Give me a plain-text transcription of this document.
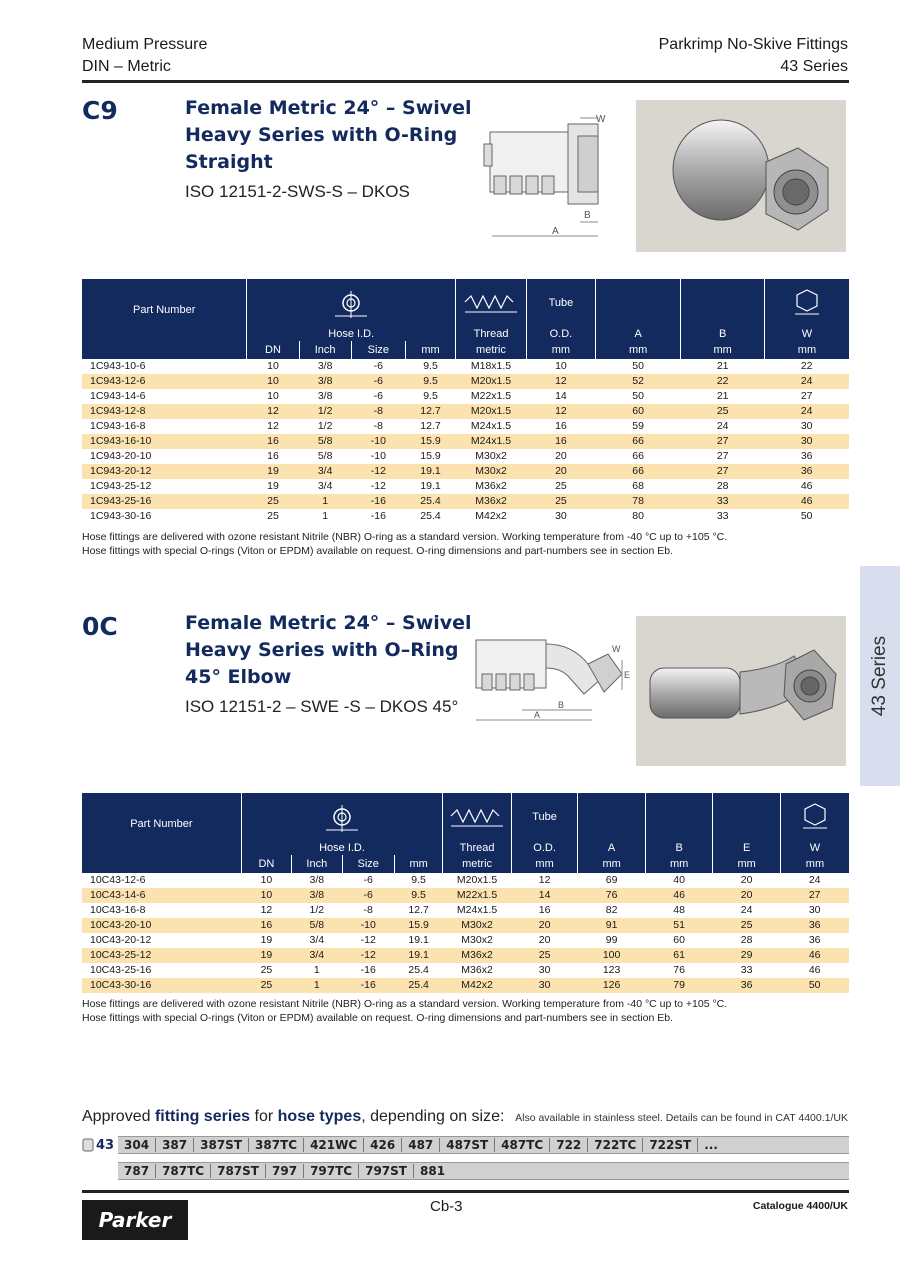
Medium Pressure
DIN – Metric
Parkrimp No-Skive Fittings
43 Series
43 Series
C9	Female Metric 24° – Swivel
Heavy Series with O-Ring
Straight
ISO 12151-2-SWS-S – DKOS
W
B
A
Part Number						Tube			
	Hose I.D.				Thread	O.D.	A	B	W
	DN	Inch	Size	mm	metric	mm	mm	mm	mm
1C943-10-6	10	3/8	-6	9.5	M18x1.5	10	50	21	22
1C943-12-6	10	3/8	-6	9.5	M20x1.5	12	52	22	24
1C943-14-6	10	3/8	-6	9.5	M22x1.5	14	50	21	27
1C943-12-8	12	1/2	-8	12.7	M20x1.5	12	60	25	24
1C943-16-8	12	1/2	-8	12.7	M24x1.5	16	59	24	30
1C943-16-10	16	5/8	-10	15.9	M24x1.5	16	66	27	30
1C943-20-10	16	5/8	-10	15.9	M30x2	20	66	27	36
1C943-20-12	19	3/4	-12	19.1	M30x2	20	66	27	36
1C943-25-12	19	3/4	-12	19.1	M36x2	25	68	28	46
1C943-25-16	25	1	-16	25.4	M36x2	25	78	33	46
1C943-30-16	25	1	-16	25.4	M42x2	30	80	33	50
Hose fittings are delivered with ozone resistant Nitrile (NBR) O-ring as a standard version. Working temperature from -40 °C up to +105 °C.
Hose fittings with special O-rings (Viton or EPDM) available on request. O-ring dimensions and part-numbers see in section Eb.
0C	Female Metric 24° – Swivel
Heavy Series with O–Ring
45° Elbow
ISO 12151-2 – SWE -S – DKOS 45°
W
E
B
A
Part Number						Tube				
	Hose I.D.				Thread	O.D.	A	B	E	W
	DN	Inch	Size	mm	metric	mm	mm	mm	mm	mm
10C43-12-6	10	3/8	-6	9.5	M20x1.5	12	69	40	20	24
10C43-14-6	10	3/8	-6	9.5	M22x1.5	14	76	46	20	27
10C43-16-8	12	1/2	-8	12.7	M24x1.5	16	82	48	24	30
10C43-20-10	16	5/8	-10	15.9	M30x2	20	91	51	25	36
10C43-20-12	19	3/4	-12	19.1	M30x2	20	99	60	28	36
10C43-25-12	19	3/4	-12	19.1	M36x2	25	100	61	29	46
10C43-25-16	25	1	-16	25.4	M36x2	30	123	76	33	46
10C43-30-16	25	1	-16	25.4	M42x2	30	126	79	36	50
Hose fittings are delivered with ozone resistant Nitrile (NBR) O-ring as a standard version. Working temperature from -40 °C up to +105 °C.
Hose fittings with special O-rings (Viton or EPDM) available on request. O-ring dimensions and part-numbers see in section Eb.
Approved fitting series for hose types, depending on size: Also available in stainless steel. Details can be found in CAT 4400.1/UK
43 304	387	387ST	387TC	421WC	426	487	487ST	487TC	722	722TC	722ST	...
787	787TC	787ST	797	797TC	797ST	881
Parker
Cb-3	Catalogue 4400/UK
